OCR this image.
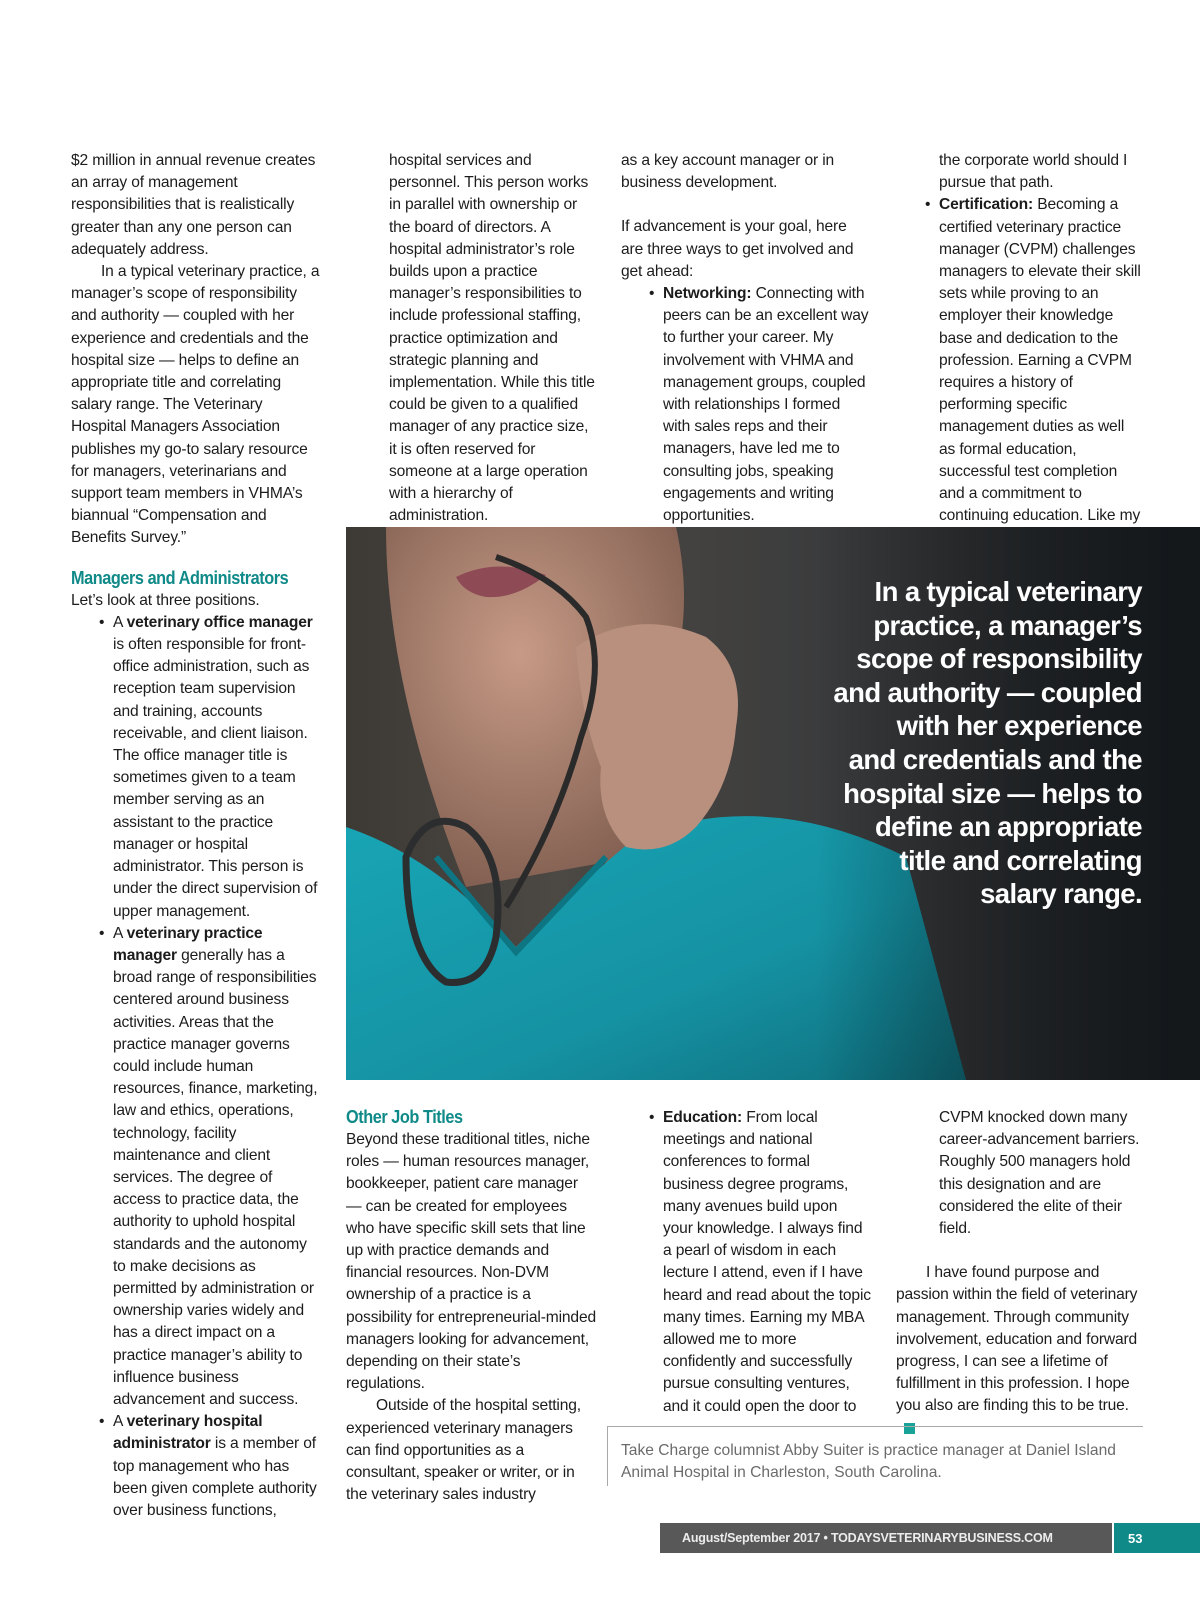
$2 million in annual revenue creates an array of management responsibilities that is realistically greater than any one person can adequately address.

In a typical veterinary practice, a manager’s scope of responsibility and authority — coupled with her experience and credentials and the hospital size — helps to define an appropriate title and correlating salary range. The Veterinary Hospital Managers Association publishes my go-to salary resource for managers, veterinarians and support team members in VHMA’s biannual “Compensation and Benefits Survey.”

Managers and Administrators

Let’s look at three positions.

• A veterinary office manager is often responsible for front-office administration, such as reception team supervision and training, accounts receivable, and client liaison. The office manager title is sometimes given to a team member serving as an assistant to the practice manager or hospital administrator. This person is under the direct supervision of upper management.
• A veterinary practice manager generally has a broad range of responsibilities centered around business activities. Areas that the practice manager governs could include human resources, finance, marketing, law and ethics, operations, technology, facility maintenance and client services. The degree of access to practice data, the authority to uphold hospital standards and the autonomy to make decisions as permitted by administration or ownership varies widely and has a direct impact on a practice manager’s ability to influence business advancement and success.
• A veterinary hospital administrator is a member of top management who has been given complete authority over business functions,

hospital services and personnel. This person works in parallel with ownership or the board of directors. A hospital administrator’s role builds upon a practice manager’s responsibilities to include professional staffing, practice optimization and strategic planning and implementation. While this title could be given to a qualified manager of any practice size, it is often reserved for someone at a large operation with a hierarchy of administration.

as a key account manager or in business development.

If advancement is your goal, here are three ways to get involved and get ahead:

• Networking: Connecting with peers can be an excellent way to further your career. My involvement with VHMA and management groups, coupled with relationships I formed with sales reps and their managers, have led me to consulting jobs, speaking engagements and writing opportunities.

the corporate world should I pursue that path.

• Certification: Becoming a certified veterinary practice manager (CVPM) challenges managers to elevate their skill sets while proving to an employer their knowledge base and dedication to the profession. Earning a CVPM requires a history of performing specific management duties as well as formal education, successful test completion and a commitment to continuing education. Like my
In a typical veterinary
practice, a manager’s
scope of responsibility
and authority — coupled
with her experience
and credentials and the
hospital size — helps to
define an appropriate
title and correlating
salary range.
Other Job Titles

Beyond these traditional titles, niche roles — human resources manager, bookkeeper, patient care manager — can be created for employees who have specific skill sets that line up with practice demands and financial resources. Non-DVM ownership of a practice is a possibility for entrepreneurial-minded managers looking for advancement, depending on their state’s regulations.

Outside of the hospital setting, experienced veterinary managers can find opportunities as a consultant, speaker or writer, or in the veterinary sales industry

• Education: From local meetings and national conferences to formal business degree programs, many avenues build upon your knowledge. I always find a pearl of wisdom in each lecture I attend, even if I have heard and read about the topic many times. Earning my MBA allowed me to more confidently and successfully pursue consulting ventures, and it could open the door to

CVPM knocked down many career-advancement barriers. Roughly 500 managers hold this designation and are considered the elite of their field.

I have found purpose and passion within the field of veterinary management. Through community involvement, education and forward progress, I can see a lifetime of fulfillment in this profession. I hope you also are finding this to be true.

Take Charge columnist Abby Suiter is practice manager at Daniel Island Animal Hospital in Charleston, South Carolina.
August/September 2017 • TODAYSVETERINARYBUSINESS.COM	53
